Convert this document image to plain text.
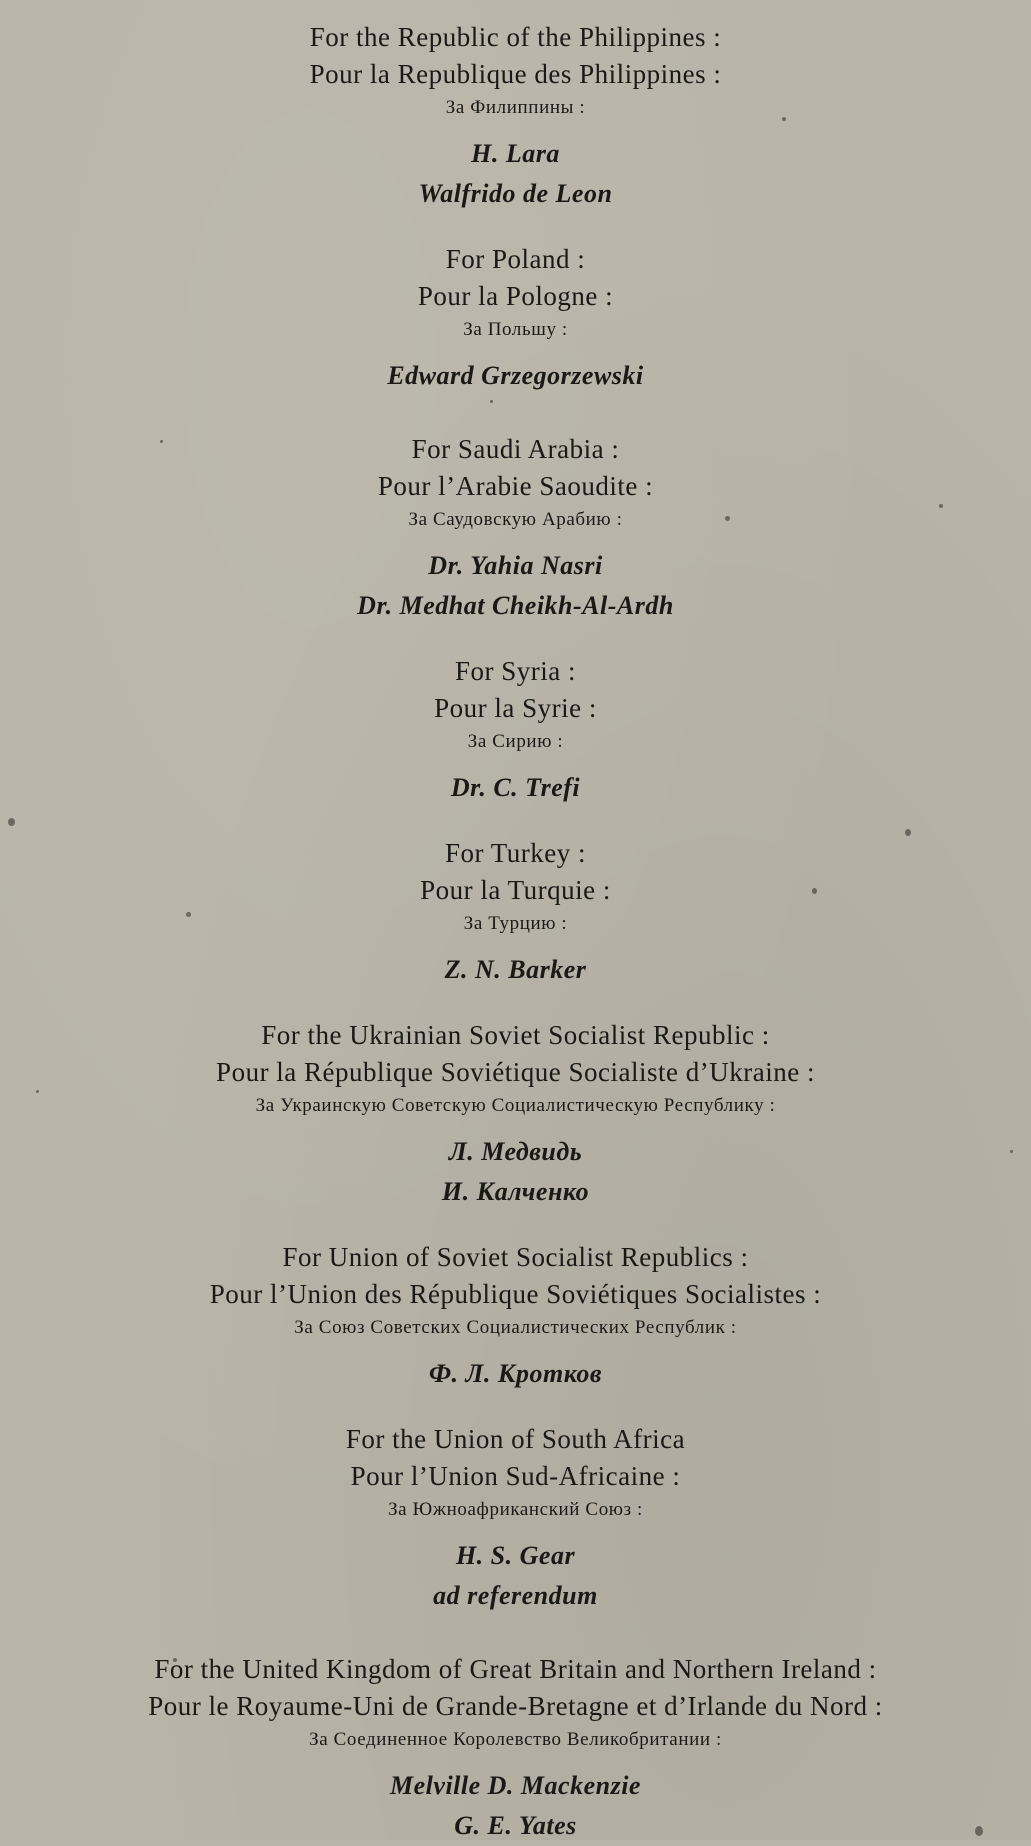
For the Republic of the Philippines :
Pour la Republique des Philippines :
За Филиппины :
H. Lara
Walfrido de Leon
For Poland :
Pour la Pologne :
За Польшу :
Edward Grzegorzewski
For Saudi Arabia :
Pour l’Arabie Saoudite :
За Саудовскую Арабию :
Dr. Yahia Nasri
Dr. Medhat Cheikh-Al-Ardh
For Syria :
Pour la Syrie :
За Сирию :
Dr. C. Trefi
For Turkey :
Pour la Turquie :
За Турцию :
Z. N. Barker
For the Ukrainian Soviet Socialist Republic :
Pour la République Soviétique Socialiste d’Ukraine :
За Украинскую Советскую Социалистическую Республику :
Л. Медвидь
И. Калченко
For Union of Soviet Socialist Republics :
Pour l’Union des République Soviétiques Socialistes :
За Союз Советских Социалистических Республик :
Ф. Л. Кротков
For the Union of South Africa
Pour l’Union Sud-Africaine :
За Южноафриканский Союз :
H. S. Gear
ad referendum
For the United Kingdom of Great Britain and Northern Ireland :
Pour le Royaume-Uni de Grande-Bretagne et d’Irlande du Nord :
За Соединенное Королевство Великобритании :
Melville D. Mackenzie
G. E. Yates
